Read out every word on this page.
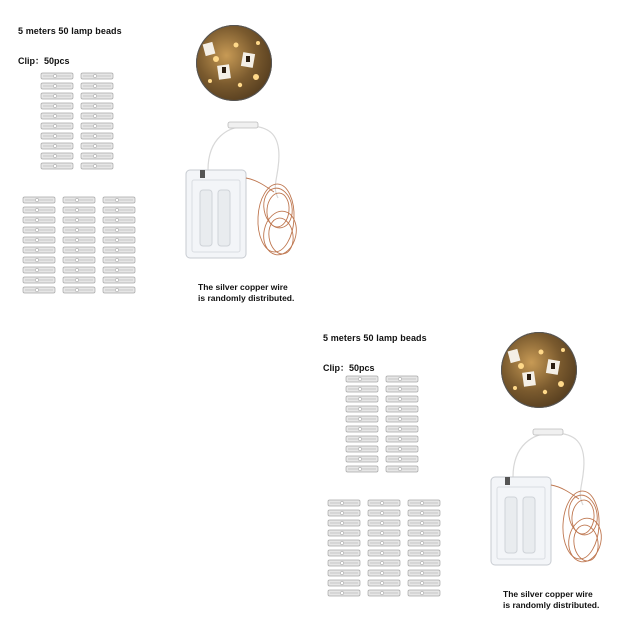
5 meters 50 lamp beads
Clip：50pcs
The silver copper wire
is randomly distributed.
5 meters 50 lamp beads
Clip：50pcs
The silver copper wire
is randomly distributed.
